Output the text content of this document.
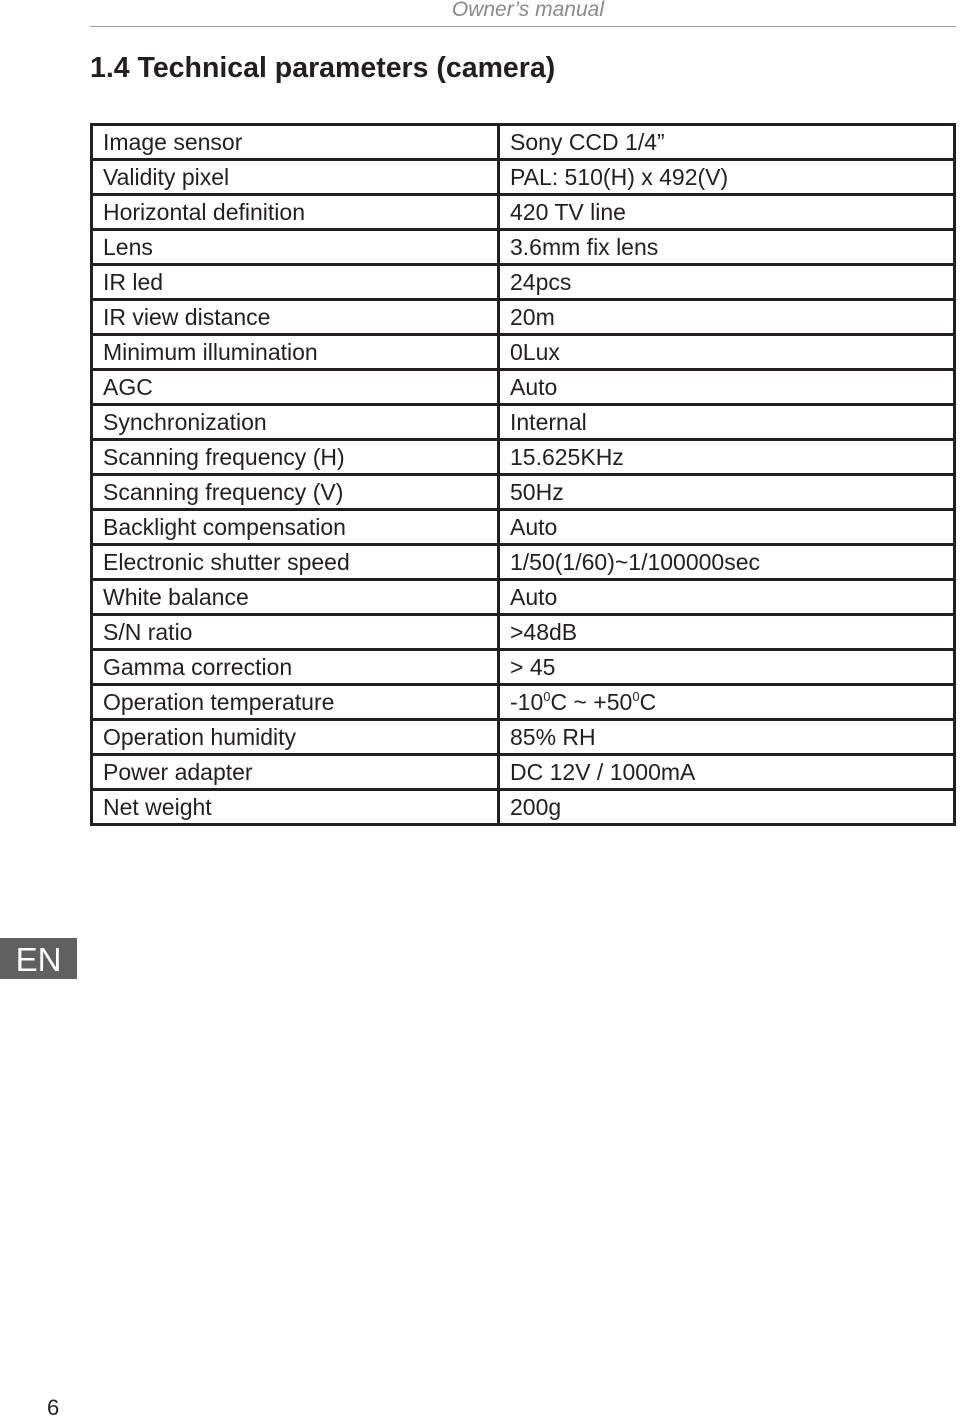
Owner’s manual
1.4 Technical parameters (camera)
Image sensor	Sony CCD 1/4”
Validity pixel	PAL: 510(H) x 492(V)
Horizontal definition	420 TV line
Lens	3.6mm fix lens
IR led	24pcs
IR view distance	20m
Minimum illumination	0Lux
AGC	Auto
Synchronization	Internal
Scanning frequency (H)	15.625KHz
Scanning frequency (V)	50Hz
Backlight compensation	Auto
Electronic shutter speed	1/50(1/60)~1/100000sec
White balance	Auto
S/N ratio	>48dB
Gamma correction	> 45
Operation temperature	$-10^0C$ ~ $+50^0C$
Operation humidity	85% RH
Power adapter	DC 12V / 1000mA
Net weight	200g
EN
6
